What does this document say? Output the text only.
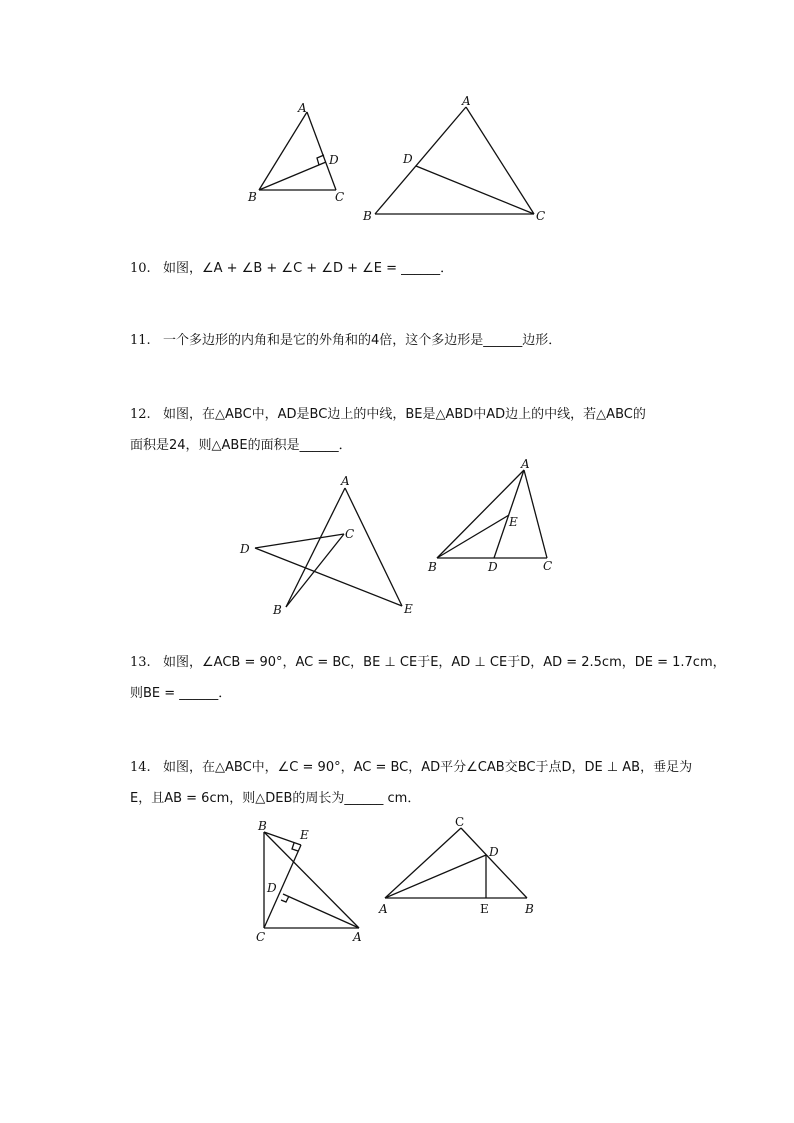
A
B	C
D
A
B	C
D
10. 如图，∠A + ∠B + ∠C + ∠D + ∠E = ______．
11. 一个多边形的内角和是它的外角和的4倍，这个多边形是______边形．
12. 如图，在△ABC中，AD是BC边上的中线，BE是△ABD中AD边上的中线，若△ABC的
面积是24，则△ABE的面积是______．
A
B
C
D
E
A
B	C
D
E
13. 如图，∠ACB = 90°，AC = BC，BE ⊥ CE于E，AD ⊥ CE于D，AD = 2.5cm，DE = 1.7cm，
则BE = ______．
14. 如图，在△ABC中，∠C = 90°，AC = BC，AD平分∠CAB交BC于点D，DE ⊥ AB，垂足为
E，且AB = 6cm，则△DEB的周长为______ cm．
B
C	A
D
E
C
D
A	E	B
